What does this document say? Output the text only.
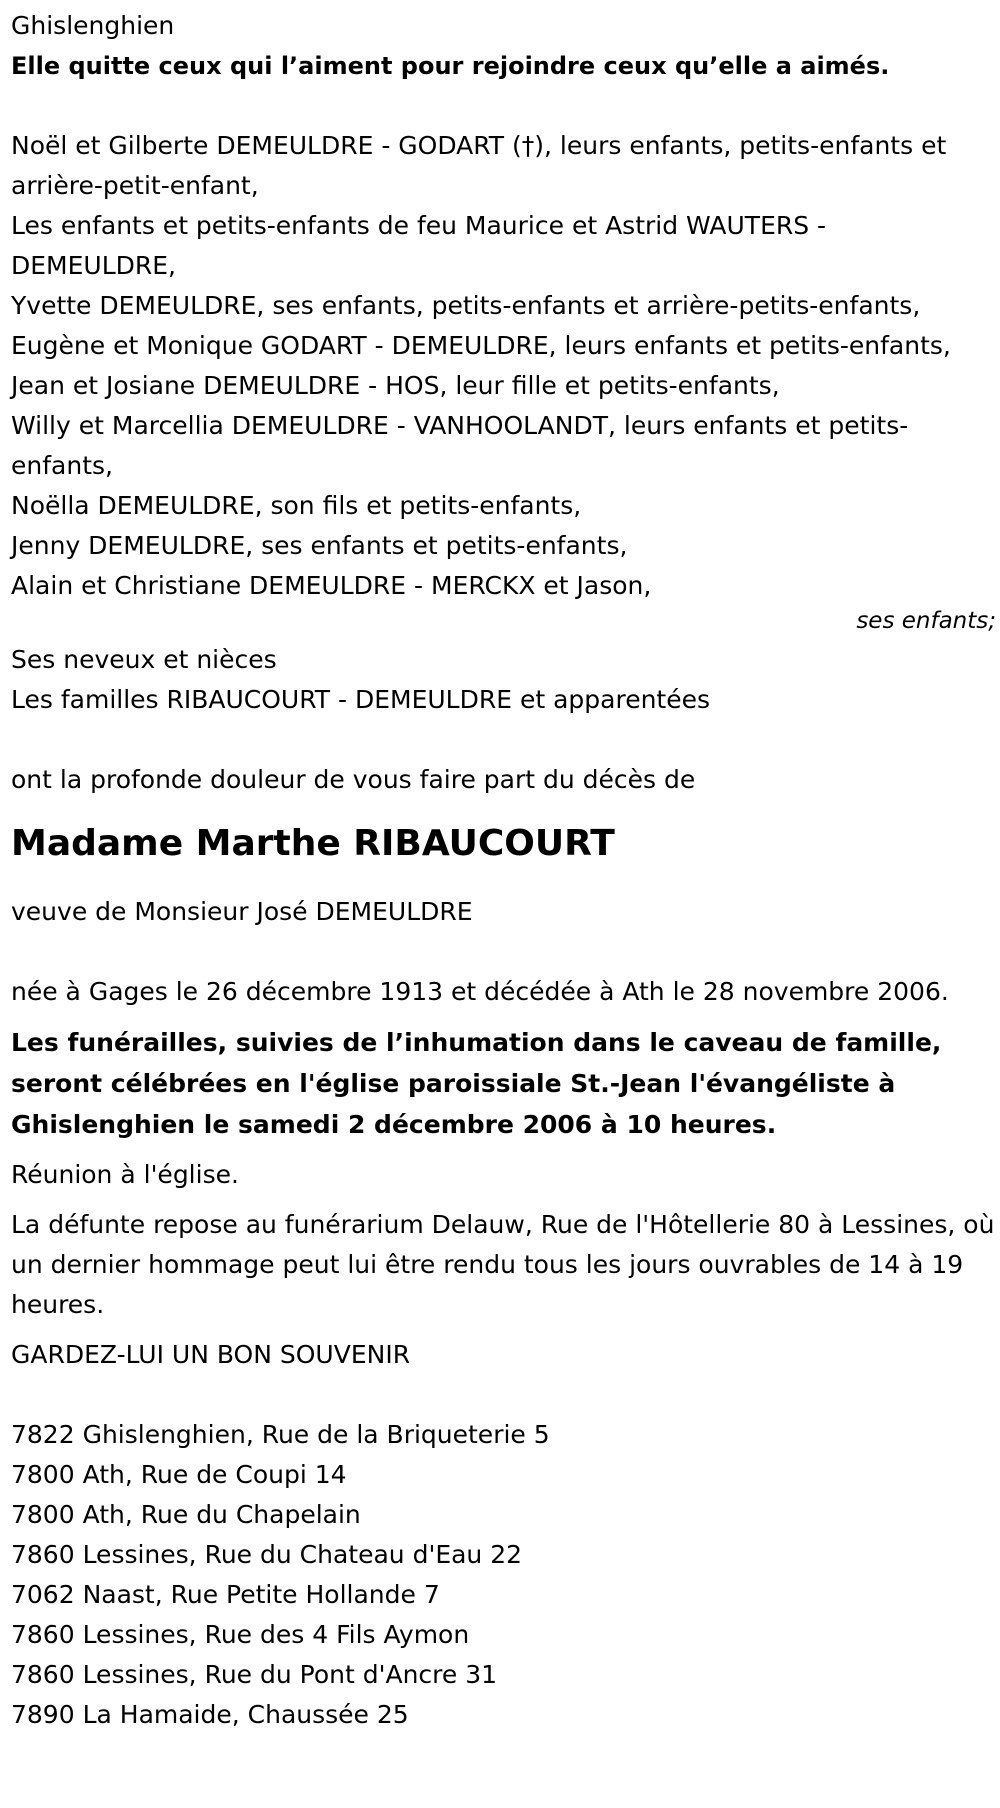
Ghislenghien
Elle quitte ceux qui l’aiment pour rejoindre ceux qu’elle a aimés.
Noël et Gilberte DEMEULDRE - GODART (†), leurs enfants, petits-enfants et arrière-petit-enfant,
Les enfants et petits-enfants de feu Maurice et Astrid WAUTERS - DEMEULDRE,
Yvette DEMEULDRE, ses enfants, petits-enfants et arrière-petits-enfants,
Eugène et Monique GODART - DEMEULDRE, leurs enfants et petits-enfants,
Jean et Josiane DEMEULDRE - HOS, leur fille et petits-enfants,
Willy et Marcellia DEMEULDRE - VANHOOLANDT, leurs enfants et petits-enfants,
Noëlla DEMEULDRE, son fils et petits-enfants,
Jenny DEMEULDRE, ses enfants et petits-enfants,
Alain et Christiane DEMEULDRE - MERCKX et Jason,
ses enfants;
Ses neveux et nièces
Les familles RIBAUCOURT - DEMEULDRE et apparentées
ont la profonde douleur de vous faire part du décès de
Madame Marthe RIBAUCOURT
veuve de Monsieur José DEMEULDRE
née à Gages le 26 décembre 1913 et décédée à Ath le 28 novembre 2006.
Les funérailles, suivies de l’inhumation dans le caveau de famille, seront célébrées en l'église paroissiale St.-Jean l'évangéliste à Ghislenghien le samedi 2 décembre 2006 à 10 heures.
Réunion à l'église.
La défunte repose au funérarium Delauw, Rue de l'Hôtellerie 80 à Lessines, où un dernier hommage peut lui être rendu tous les jours ouvrables de 14 à 19 heures.
GARDEZ-LUI UN BON SOUVENIR
7822 Ghislenghien, Rue de la Briqueterie 5
7800 Ath, Rue de Coupi 14
7800 Ath, Rue du Chapelain
7860 Lessines, Rue du Chateau d'Eau 22
7062 Naast, Rue Petite Hollande 7
7860 Lessines, Rue des 4 Fils Aymon
7860 Lessines, Rue du Pont d'Ancre 31
7890 La Hamaide, Chaussée 25
